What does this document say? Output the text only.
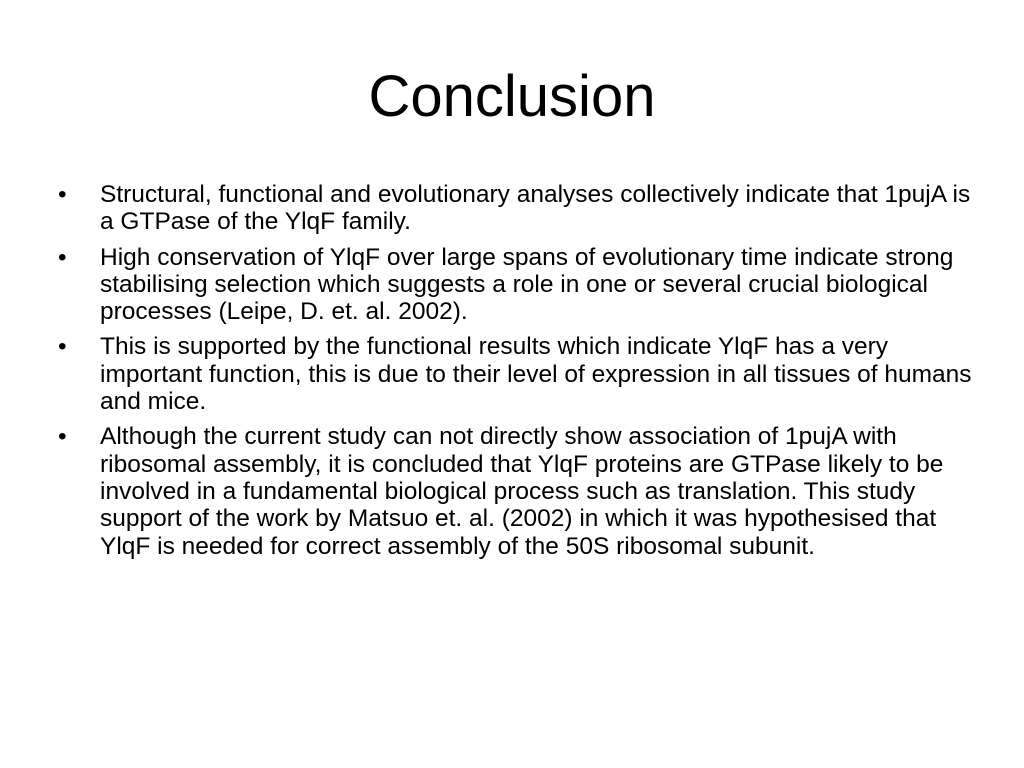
Conclusion
•	Structural, functional and evolutionary analyses collectively indicate that 1pujA is a GTPase of the YlqF family.
•	High conservation of YlqF over large spans of evolutionary time indicate strong stabilising selection which suggests a role in one or several crucial biological processes (Leipe, D. et. al. 2002).
•	This is supported by the functional results which indicate YlqF has a very important function, this is due to their level of expression in all tissues of humans and mice.
•	Although the current study can not directly show association of 1pujA with ribosomal assembly, it is concluded that YlqF proteins are GTPase likely to be involved in a fundamental biological process such as translation. This study support of the work by Matsuo et. al. (2002) in which it was hypothesised that YlqF is needed for correct assembly of the 50S ribosomal subunit.
